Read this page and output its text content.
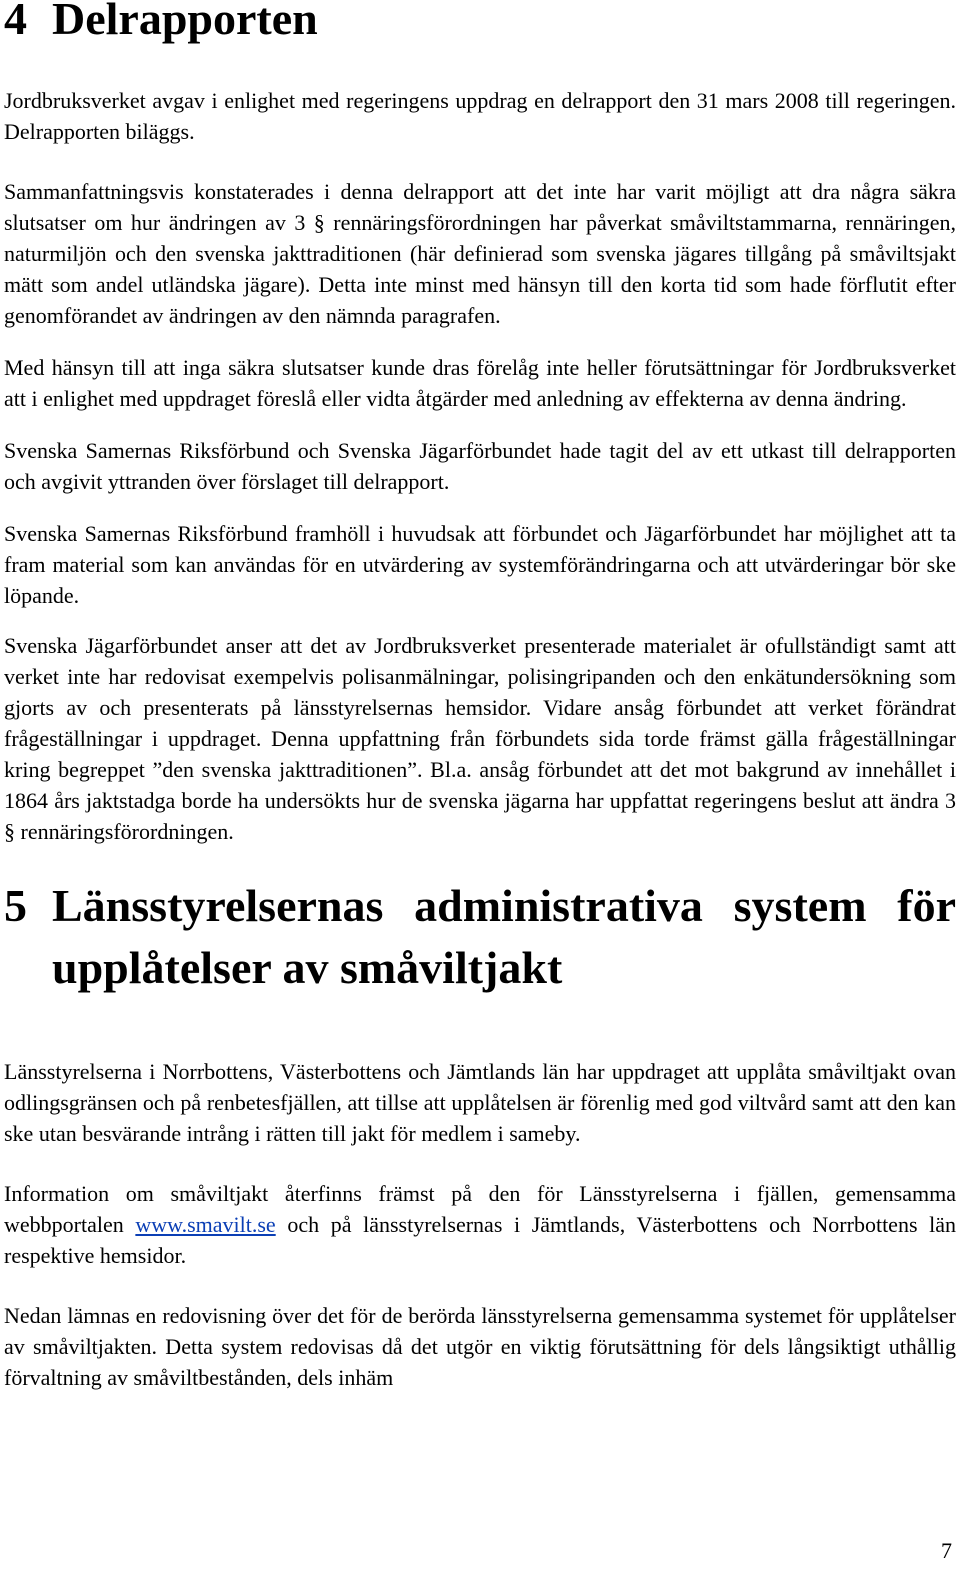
4 Delrapporten

Jordbruksverket avgav i enlighet med regeringens uppdrag en delrapport den 31 mars 2008 till regeringen. Delrapporten biläggs.

Sammanfattningsvis konstaterades i denna delrapport att det inte har varit möjligt att dra några säkra slutsatser om hur ändringen av 3 § rennäringsförordningen har påverkat småviltstammarna, rennäringen, naturmiljön och den svenska jakttraditionen (här definierad som svenska jägares tillgång på småviltsjakt mätt som andel utländska jägare). Detta inte minst med hänsyn till den korta tid som hade förflutit efter genomförandet av ändringen av den nämnda paragrafen.

Med hänsyn till att inga säkra slutsatser kunde dras förelåg inte heller förutsättningar för Jordbruksverket att i enlighet med uppdraget föreslå eller vidta åtgärder med anledning av effekterna av denna ändring.

Svenska Samernas Riksförbund och Svenska Jägarförbundet hade tagit del av ett utkast till delrapporten och avgivit yttranden över förslaget till delrapport.

Svenska Samernas Riksförbund framhöll i huvudsak att förbundet och Jägarförbundet har möjlighet att ta fram material som kan användas för en utvärdering av systemförändringarna och att utvärderingar bör ske löpande.

Svenska Jägarförbundet anser att det av Jordbruksverket presenterade materialet är ofullständigt samt att verket inte har redovisat exempelvis polisanmälningar, polisingripanden och den enkätundersökning som gjorts av och presenterats på länsstyrelsernas hemsidor. Vidare ansåg förbundet att verket förändrat frågeställningar i uppdraget. Denna uppfattning från förbundets sida torde främst gälla frågeställningar kring begreppet ”den svenska jakttraditionen”. Bl.a. ansåg förbundet att det mot bakgrund av innehållet i 1864 års jaktstadga borde ha undersökts hur de svenska jägarna har uppfattat regeringens beslut att ändra 3 § rennäringsförordningen.

5 Länsstyrelsernas administrativa system för upplåtelser av småviltjakt

Länsstyrelserna i Norrbottens, Västerbottens och Jämtlands län har uppdraget att upplåta småviltjakt ovan odlingsgränsen och på renbetesfjällen, att tillse att upplåtelsen är förenlig med god viltvård samt att den kan ske utan besvärande intrång i rätten till jakt för medlem i sameby.

Information om småviltjakt återfinns främst på den för Länsstyrelserna i fjällen, gemensamma webbportalen www.smavilt.se och på länsstyrelsernas i Jämtlands, Västerbottens och Norrbottens län respektive hemsidor.

Nedan lämnas en redovisning över det för de berörda länsstyrelserna gemensamma systemet för upplåtelser av småviltjakten. Detta system redovisas då det utgör en viktig förutsättning för dels långsiktigt uthållig förvaltning av småviltbestånden, dels inhäm

7
